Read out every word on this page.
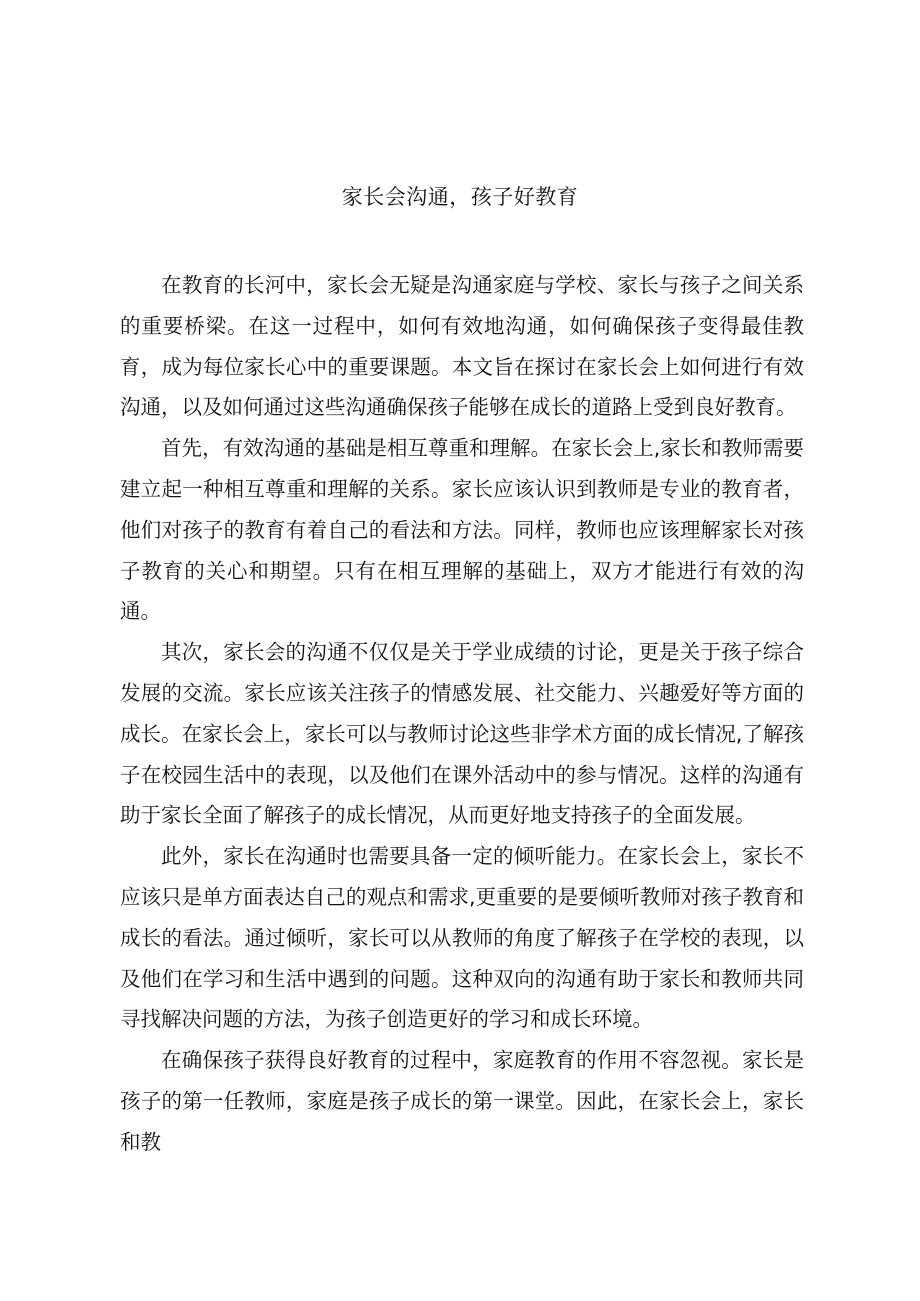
家长会沟通，孩子好教育

在教育的长河中，家长会无疑是沟通家庭与学校、家长与孩子之间关系的重要桥梁。在这一过程中，如何有效地沟通，如何确保孩子变得最佳教育，成为每位家长心中的重要课题。本文旨在探讨在家长会上如何进行有效沟通，以及如何通过这些沟通确保孩子能够在成长的道路上受到良好教育。

首先，有效沟通的基础是相互尊重和理解。在家长会上,家长和教师需要建立起一种相互尊重和理解的关系。家长应该认识到教师是专业的教育者，他们对孩子的教育有着自己的看法和方法。同样，教师也应该理解家长对孩子教育的关心和期望。只有在相互理解的基础上，双方才能进行有效的沟通。

其次，家长会的沟通不仅仅是关于学业成绩的讨论，更是关于孩子综合发展的交流。家长应该关注孩子的情感发展、社交能力、兴趣爱好等方面的成长。在家长会上，家长可以与教师讨论这些非学术方面的成长情况,了解孩子在校园生活中的表现，以及他们在课外活动中的参与情况。这样的沟通有助于家长全面了解孩子的成长情况，从而更好地支持孩子的全面发展。

此外，家长在沟通时也需要具备一定的倾听能力。在家长会上，家长不应该只是单方面表达自己的观点和需求,更重要的是要倾听教师对孩子教育和成长的看法。通过倾听，家长可以从教师的角度了解孩子在学校的表现，以及他们在学习和生活中遇到的问题。这种双向的沟通有助于家长和教师共同寻找解决问题的方法，为孩子创造更好的学习和成长环境。

在确保孩子获得良好教育的过程中，家庭教育的作用不容忽视。家长是孩子的第一任教师，家庭是孩子成长的第一课堂。因此，在家长会上，家长和教
